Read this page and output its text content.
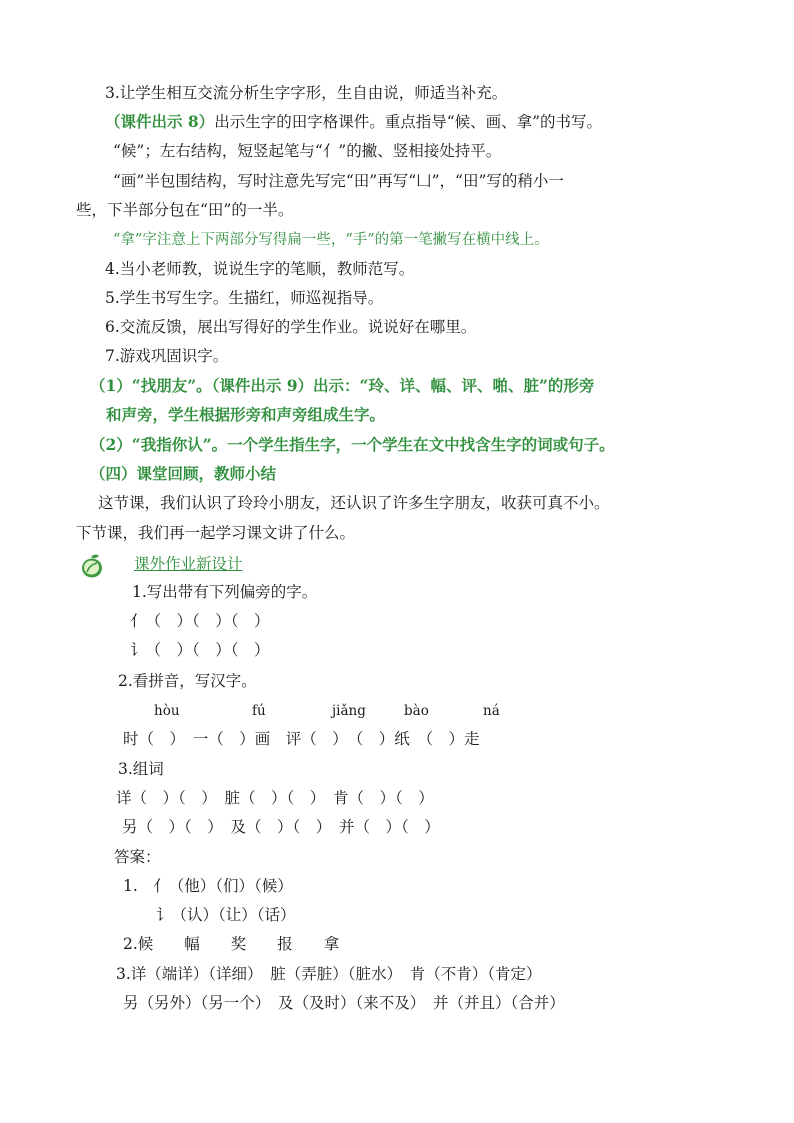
3.让学生相互交流分析生字字形，生自由说，师适当补充。
（课件出示 8）出示生字的田字格课件。重点指导“候、画、拿”的书写。
“候”；左右结构，短竖起笔与“亻”的撇、竖相接处持平。
“画”半包围结构，写时注意先写完“田”再写“凵”，“田”写的稍小一
些，下半部分包在“田”的一半。
“拿”字注意上下两部分写得扁一些，“手”的第一笔撇写在横中线上。
4.当小老师教，说说生字的笔顺，教师范写。
5.学生书写生字。生描红，师巡视指导。
6.交流反馈，展出写得好的学生作业。说说好在哪里。
7.游戏巩固识字。
（1）“找朋友”。（课件出示 9）出示：“玲、详、幅、评、啪、脏”的形旁
和声旁，学生根据形旁和声旁组成生字。
（2）“我指你认”。一个学生指生字，一个学生在文中找含生字的词或句子。
（四）课堂回顾，教师小结
这节课，我们认识了玲玲小朋友，还认识了许多生字朋友，收获可真不小。
下节课，我们再一起学习课文讲了什么。
课外作业新设计
1.写出带有下列偏旁的字。
亻（　）（　）（　）
讠（　）（　）（　）
2.看拼音，写汉字。
hòu	fú	jiǎng	bào	ná
时（　）　一（　）画　评（　）　（　）纸　（　）走
3.组词
详（　）（　）　脏（　）（　）　肯（　）（　）
另（　）（　）　及（　）（　）　并（　）（　）
答案：
1.　亻（他）（们）（候）
讠（认）（让）（话）
2.候　　幅　　奖　　报　　拿
3.详（端详）（详细）　脏（弄脏）（脏水）　肯（不肯）（肯定）
另（另外）（另一个）　及（及时）（来不及）　并（并且）（合并）
